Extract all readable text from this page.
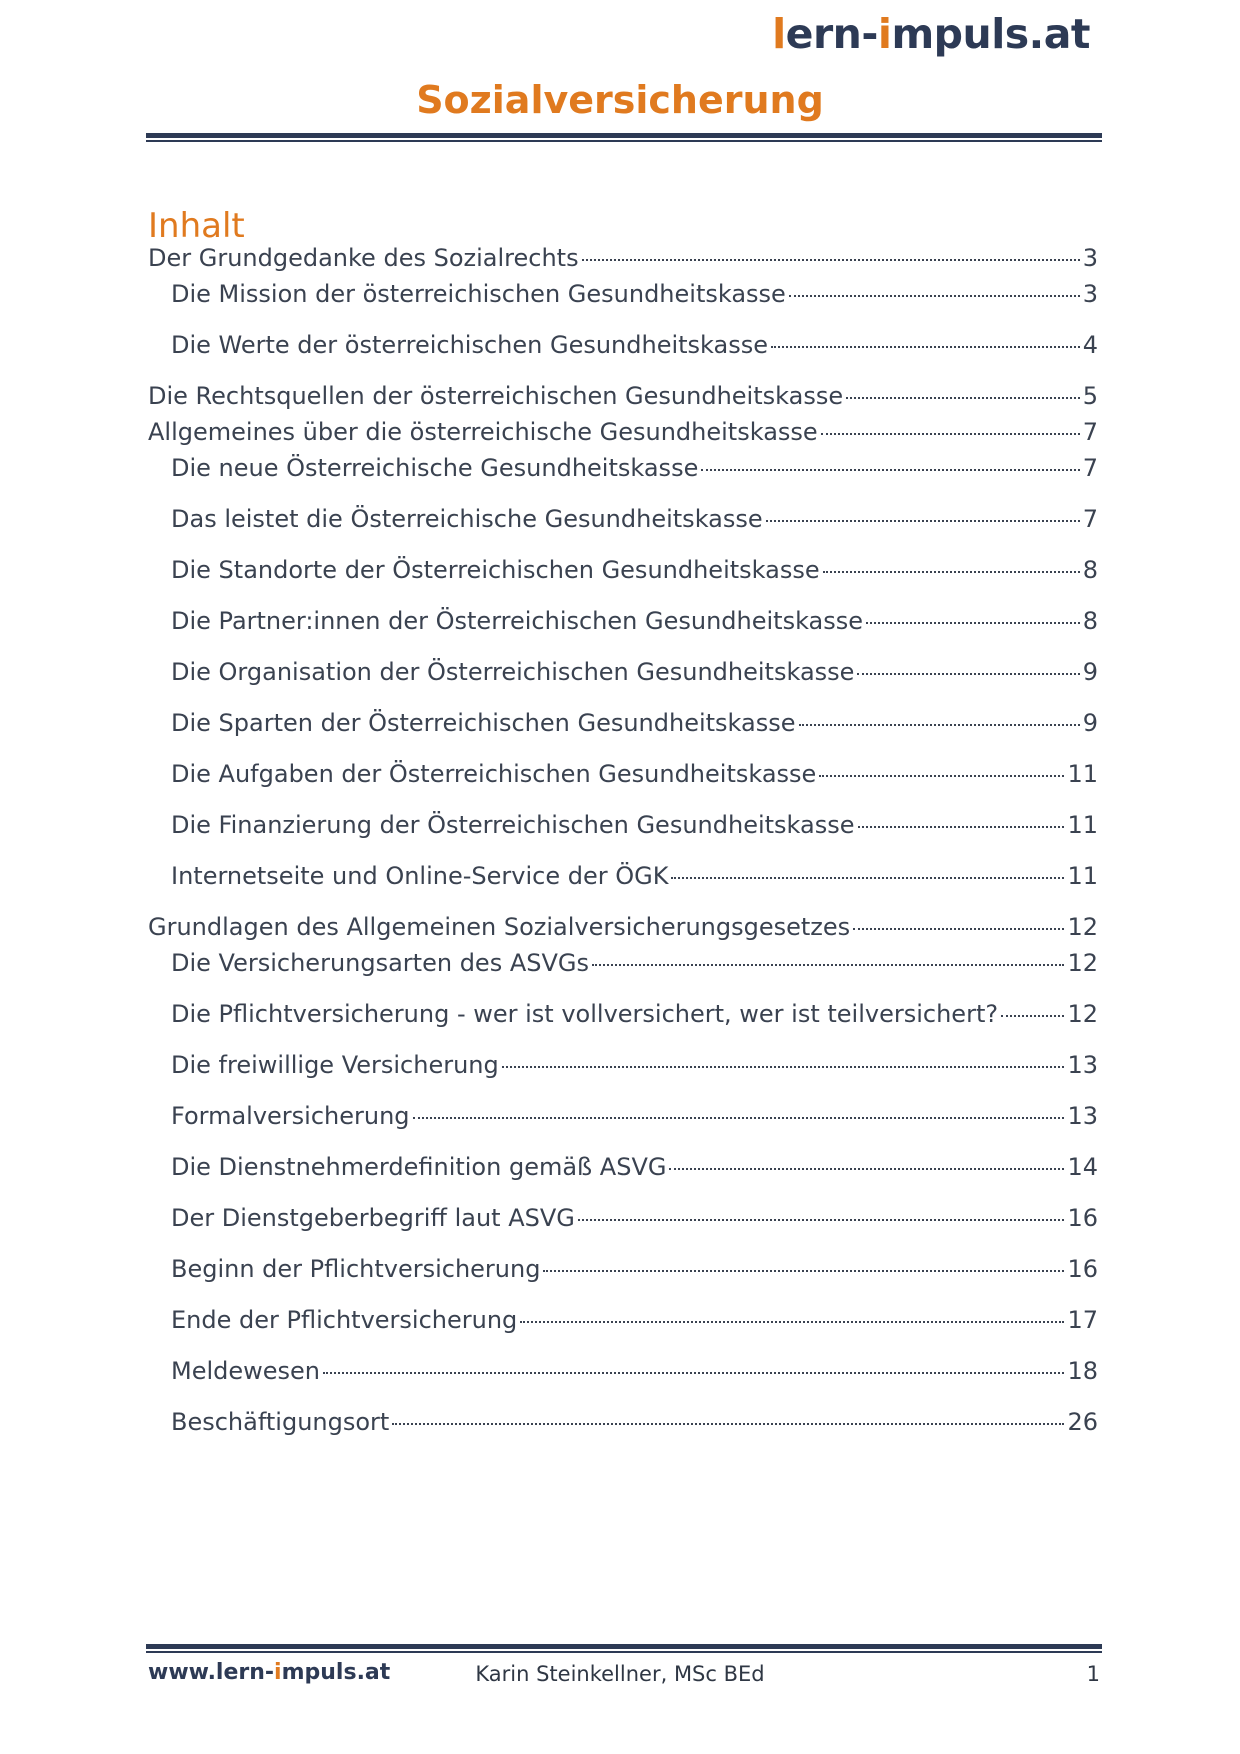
lern-impuls.at
Sozialversicherung
Inhalt
Der Grundgedanke des Sozialrechts	3
Die Mission der österreichischen Gesundheitskasse	3
Die Werte der österreichischen Gesundheitskasse	4
Die Rechtsquellen der österreichischen Gesundheitskasse	5
Allgemeines über die österreichische Gesundheitskasse	7
Die neue Österreichische Gesundheitskasse	7
Das leistet die Österreichische Gesundheitskasse	7
Die Standorte der Österreichischen Gesundheitskasse	8
Die Partner:innen der Österreichischen Gesundheitskasse	8
Die Organisation der Österreichischen Gesundheitskasse	9
Die Sparten der Österreichischen Gesundheitskasse	9
Die Aufgaben der Österreichischen Gesundheitskasse	11
Die Finanzierung der Österreichischen Gesundheitskasse	11
Internetseite und Online-Service der ÖGK	11
Grundlagen des Allgemeinen Sozialversicherungsgesetzes	12
Die Versicherungsarten des ASVGs	12
Die Pflichtversicherung - wer ist vollversichert, wer ist teilversichert?	12
Die freiwillige Versicherung	13
Formalversicherung	13
Die Dienstnehmerdefinition gemäß ASVG	14
Der Dienstgeberbegriff laut ASVG	16
Beginn der Pflichtversicherung	16
Ende der Pflichtversicherung	17
Meldewesen	18
Beschäftigungsort	26
www.lern-impuls.at	Karin Steinkellner, MSc BEd	1
